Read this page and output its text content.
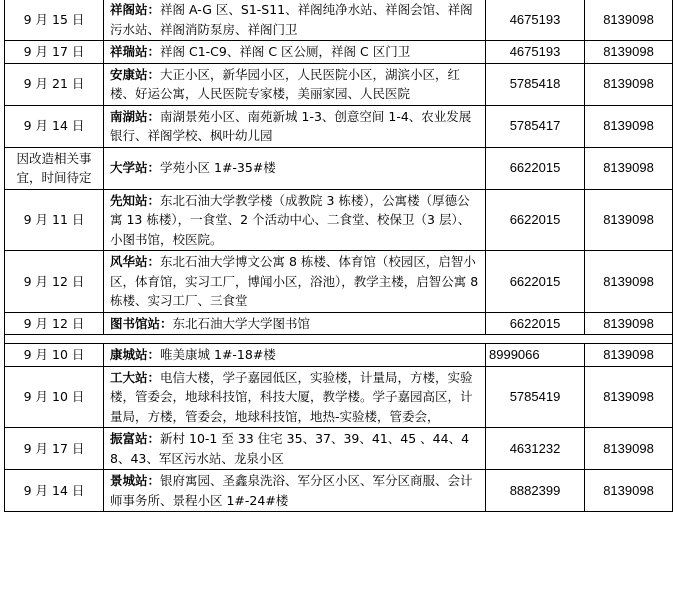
9 月 15 日	祥阁站：祥阁 A-G 区、S1-S11、祥阁纯净水站、祥阁会馆、祥阁污水站、祥阁消防泵房、祥阁门卫	4675193	8139098
9 月 17 日	祥瑞站：祥阁 C1-C9、祥阁 C 区公厕，祥阁 C 区门卫	4675193	8139098
9 月 21 日	安康站：大正小区，新华园小区，人民医院小区，湖滨小区，红楼、好运公寓，人民医院专家楼，美丽家园、人民医院	5785418	8139098
9 月 14 日	南湖站：南湖景苑小区、南苑新城 1-3、创意空间 1-4、农业发展银行、祥阁学校、枫叶幼儿园	5785417	8139098
因改造相关事宜，时间待定	大学站：学苑小区 1#-35#楼	6622015	8139098
9 月 11 日	先知站：东北石油大学教学楼（成教院 3 栋楼），公寓楼（厚德公寓 13 栋楼），一食堂、2 个活动中心、二食堂、校保卫（3 层）、小图书馆，校医院。	6622015	8139098
9 月 12 日	风华站：东北石油大学博文公寓 8 栋楼、体育馆（校园区，启智小区，体育馆，实习工厂，博闻小区，浴池），教学主楼，启智公寓 8 栋楼、实习工厂、三食堂	6622015	8139098
9 月 12 日	图书馆站：东北石油大学大学图书馆	6622015	8139098

9 月 10 日	康城站：唯美康城 1#-18#楼	8999066	8139098
9 月 10 日	工大站：电信大楼，学子嘉园低区，实验楼，计量局，方楼，实验楼，管委会，地球科技馆，科技大厦，教学楼。学子嘉园高区，计量局，方楼，管委会，地球科技馆，地热-实验楼，管委会，	5785419	8139098
9 月 17 日	振富站：新村 10-1 至 33 住宅 35、37、39、41、45 、44、48、43、军区污水站、龙泉小区	4631232	8139098
9 月 14 日	景城站：银府寓园、圣鑫泉洗浴、军分区小区、军分区商服、会计师事务所、景程小区 1#-24#楼	8882399	8139098
